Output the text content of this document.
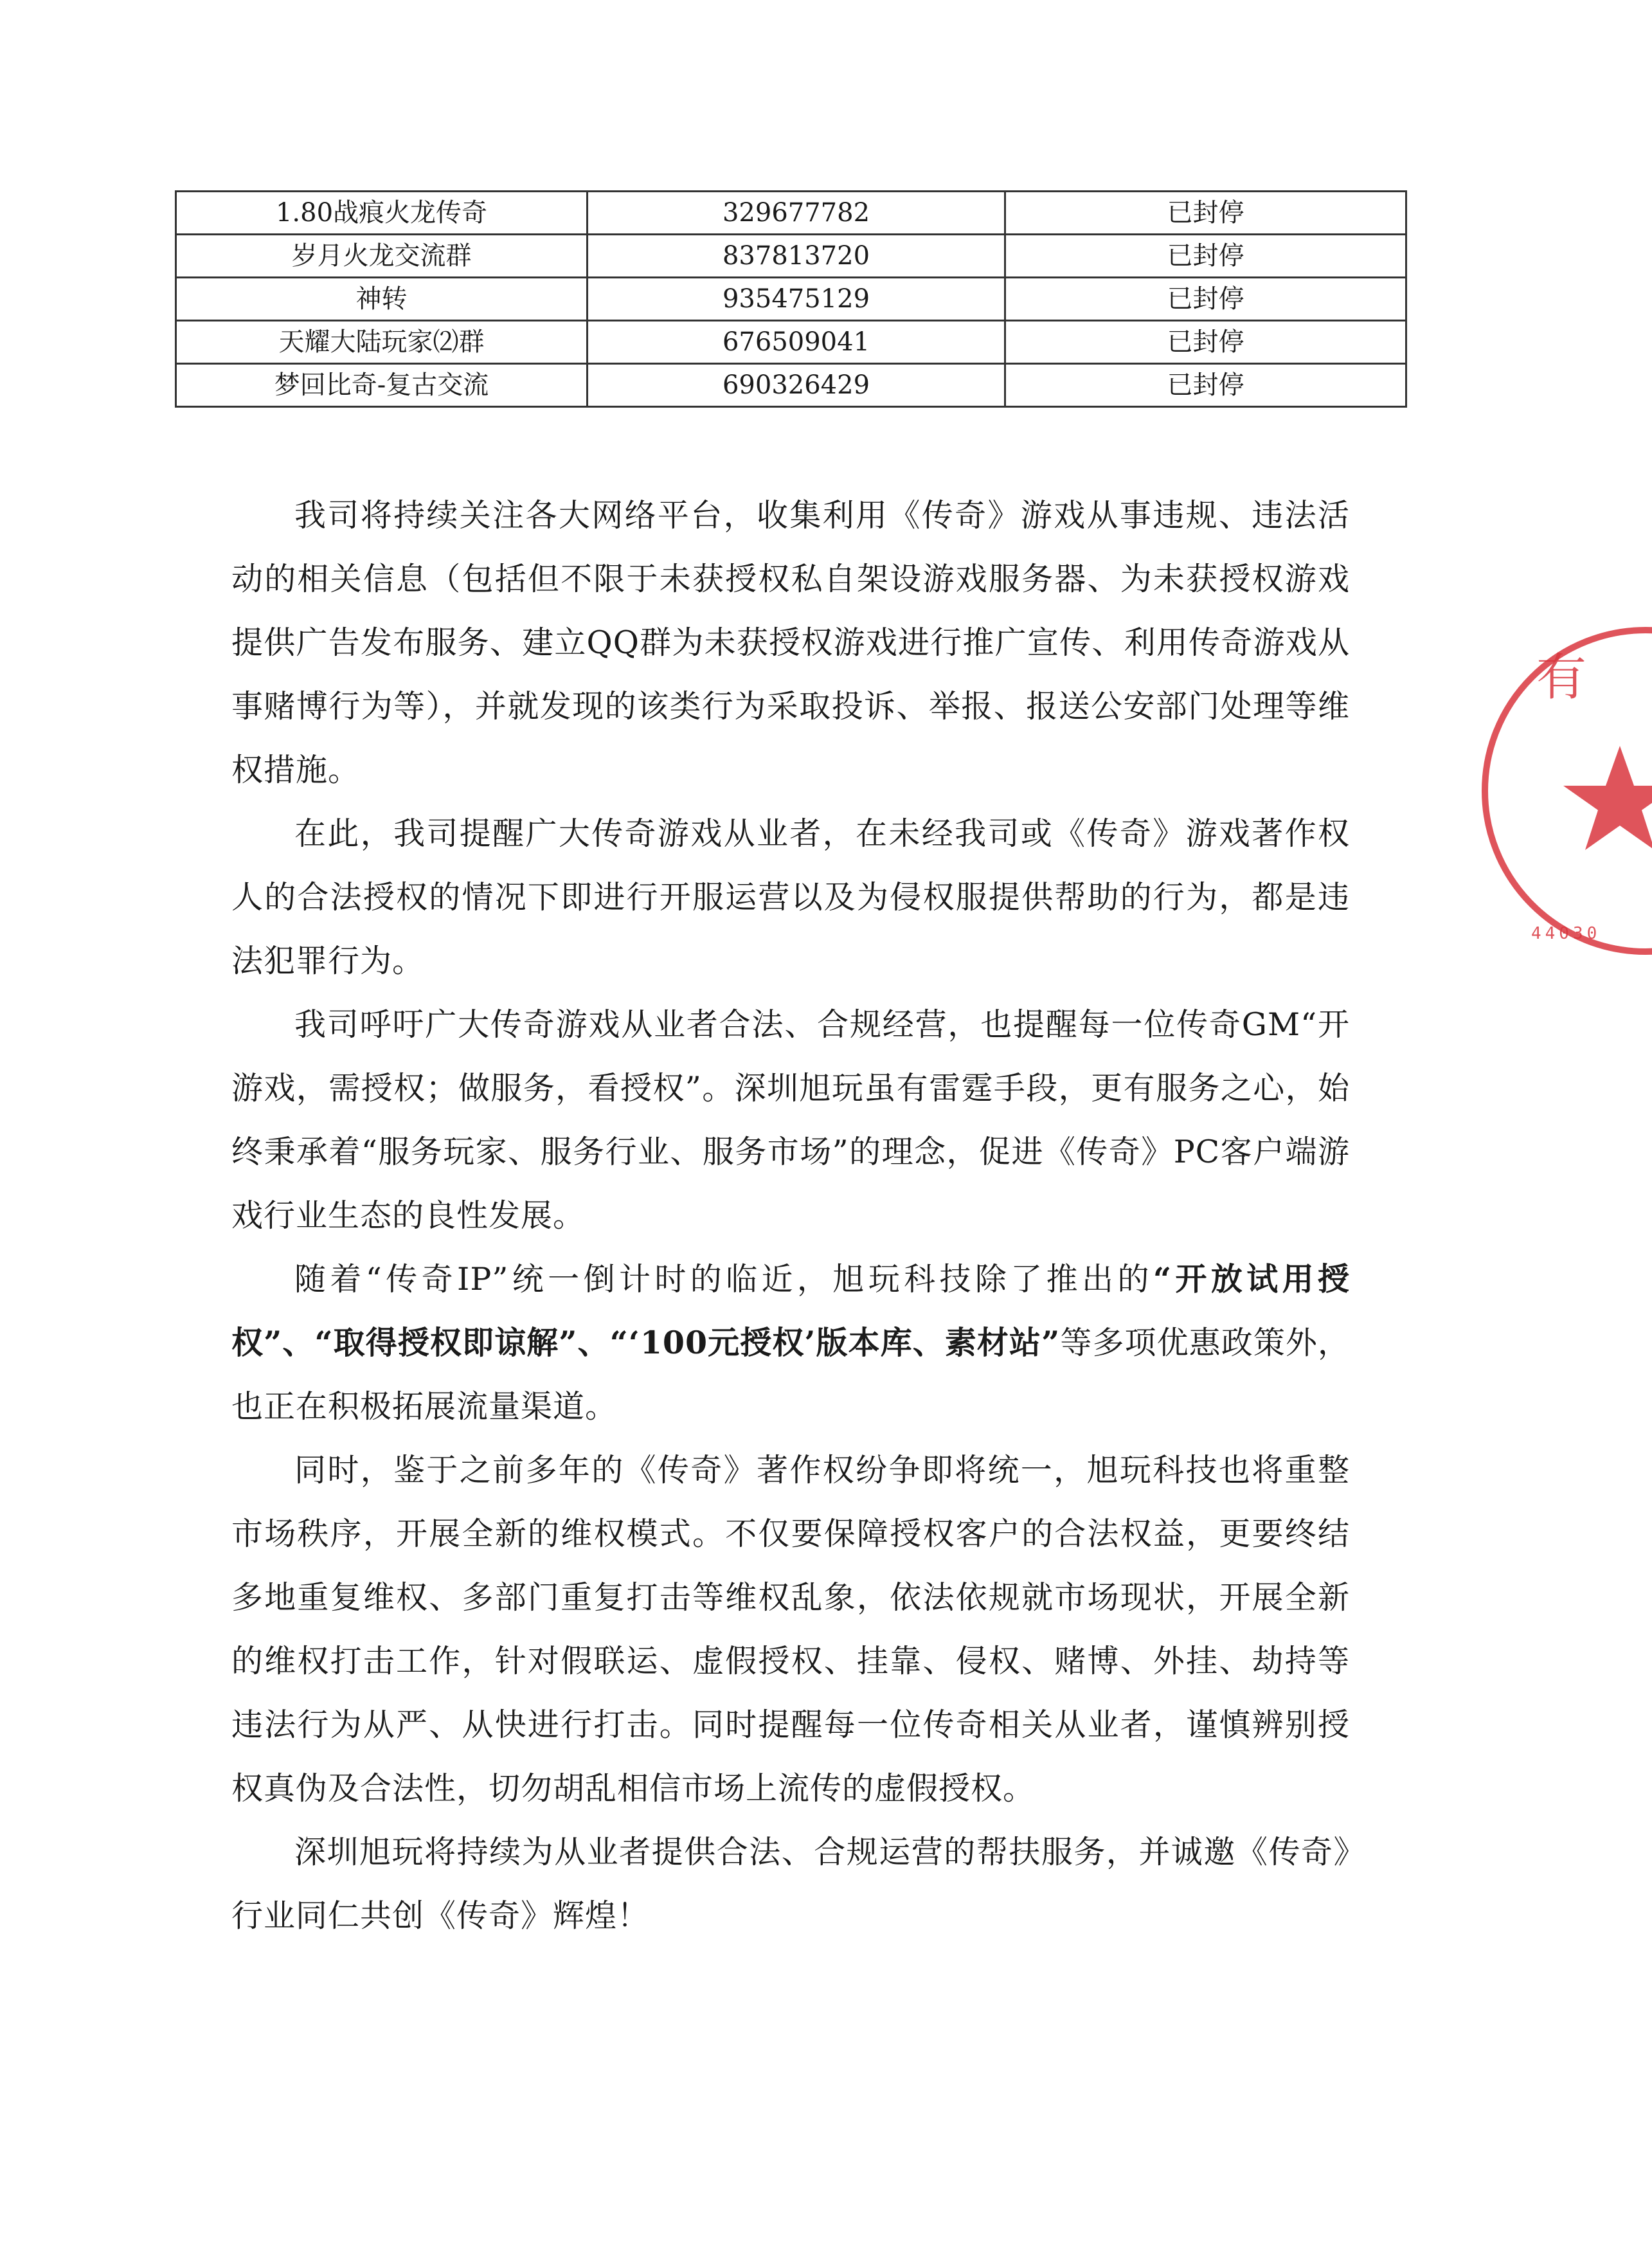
1.80战痕火龙传奇	329677782	已封停
岁月火龙交流群	837813720	已封停
神转	935475129	已封停
天耀大陆玩家⑵群	676509041	已封停
梦回比奇-复古交流	690326429	已封停

我司将持续关注各大网络平台，收集利用《传奇》游戏从事违规、违法活动的相关信息（包括但不限于未获授权私自架设游戏服务器、为未获授权游戏提供广告发布服务、建立QQ群为未获授权游戏进行推广宣传、利用传奇游戏从事赌博行为等），并就发现的该类行为采取投诉、举报、报送公安部门处理等维权措施。

在此，我司提醒广大传奇游戏从业者，在未经我司或《传奇》游戏著作权人的合法授权的情况下即进行开服运营以及为侵权服提供帮助的行为，都是违法犯罪行为。

我司呼吁广大传奇游戏从业者合法、合规经营，也提醒每一位传奇GM“开游戏，需授权；做服务，看授权”。深圳旭玩虽有雷霆手段，更有服务之心，始终秉承着“服务玩家、服务行业、服务市场”的理念，促进《传奇》PC客户端游戏行业生态的良性发展。

随着“传奇IP”统一倒计时的临近，旭玩科技除了推出的“开放试用授权”、“取得授权即谅解”、“‘100元授权’版本库、素材站”等多项优惠政策外，也正在积极拓展流量渠道。

同时，鉴于之前多年的《传奇》著作权纷争即将统一，旭玩科技也将重整市场秩序，开展全新的维权模式。不仅要保障授权客户的合法权益，更要终结多地重复维权、多部门重复打击等维权乱象，依法依规就市场现状，开展全新的维权打击工作，针对假联运、虚假授权、挂靠、侵权、赌博、外挂、劫持等违法行为从严、从快进行打击。同时提醒每一位传奇相关从业者，谨慎辨别授权真伪及合法性，切勿胡乱相信市场上流传的虚假授权。

深圳旭玩将持续为从业者提供合法、合规运营的帮扶服务，并诚邀《传奇》行业同仁共创《传奇》辉煌！

有
44030
